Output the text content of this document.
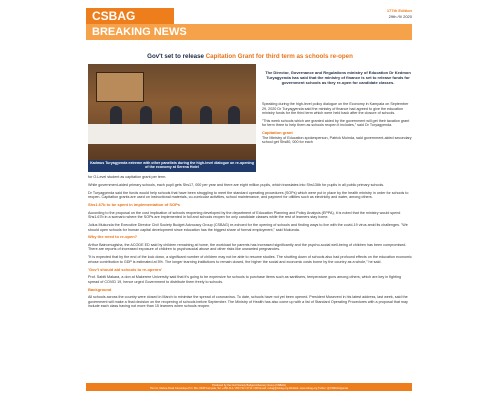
CSBAG
BREAKING NEWS
177th Edition
29th /9/ 2020
Gov't set to release Capitation Grant for third term as schools re-open
Kadmus Turyagyenda extreme with other panelists during the high-level dialogue on re-opening of the economy at Serena Hotel
The Director, Governance and Regulations ministry of Education Dr Kedmon Turyagyenda has said that the ministry of finance is set to release funds for government schools as they re-open for candidate classes.

Speaking during the high-level policy dialogue on the Economy in Kampala on September 29, 2020 Dr Turyagyenda said the ministry of finance had agreed to give the education ministry funds for the third term which were held back after the closure of schools.

"This week schools which are granted aided by the government will get their taxation grant for term three to help them as schools reopen it includes," said Dr Turyagyenda.

Capitation grant

The Ministry of Education spokesperson, Patrick Muinda, said government-aided secondary school get Shs80, 000 for each

for O-Level student as capitation grant per term.

While government-aided primary schools, each pupil gets Shs17, 000 per year and there are eight million pupils, which translates into Shs136b for pupils in all public primary schools.

Dr Turyagyenda said the funds would help schools that have been struggling to meet the standard operating procedures (SOPs) which were put in place by the health ministry in order for schools to reopen. Capitation grants are used on instructional materials, co-curricular activities, school maintenance, and payment for utilities such as electricity and water, among others.

Shs1.67b to be spent in implementation of SOPs

According to the proposal on the cost implication of schools reopening developed by the department of Education Planning and Policy Analysis (EPPA), it is noted that the ministry would spend Shs1.67b in a scenario where the SOPs are implemented in full and schools reopen for only candidate classes while the rest of learners stay home.

Julius Mukunda the Executive Director Civil Society Budget Advocacy Group (CSBAG) re-echoed for the opening of schools and finding ways to live with the covid-19 virus amid its challenges. "We should open schools for human capital development since education has the biggest share of formal employment," said Mukunda.

Why the need to re-open?

Arthur Bainomugisha, the ACODE ED said by children remaining at home, the workload for parents has increased significantly and the psycho-social well-being of children has been compromised. There are reports of increased exposure of children to psychosocial abuse and other risks like unwanted pregnancies.

"It is expected that by the end of the lock down, a significant number of children may not be able to resume studies. The shutting down of schools also had profound effects on the education economic whose contribution to GDP is estimated at 5%. The longer learning institutions to remain closed, the higher the social and economic costs borne by the country as a whole," he said.

'Gov't should aid schools to re-openrn'

Prof. Sabiti Makara, a don at Makerere University said that it's going to be expensive for schools to purchase items such as sanitisers, temperature guns among others, which are key in fighting spread of COVID 19, hence urged Government to distribute them freely to schools.

Background

All schools across the country were closed in March to minimise the spread of coronavirus. To date, schools have not yet been opened. President Museveni in his latest address, last week, said the government will make a final decision on the reopening of schools before September. The Ministry of Health has also come up with a list of Standard Operating Procedures with a proposal that may include each class having not more than 15 learners when schools reopen.

Produced by the Civil Society Budget Advocacy Group (CSBAG)
Plot 11, Mabua Road Kamwokya P.O. Box 3338 Kampala, Tel: +256 414 / 250 722 / 0711 / 000 Email: csbag@csbag.org Website: www.csbag.org Twitter: @CSBAGUganda
